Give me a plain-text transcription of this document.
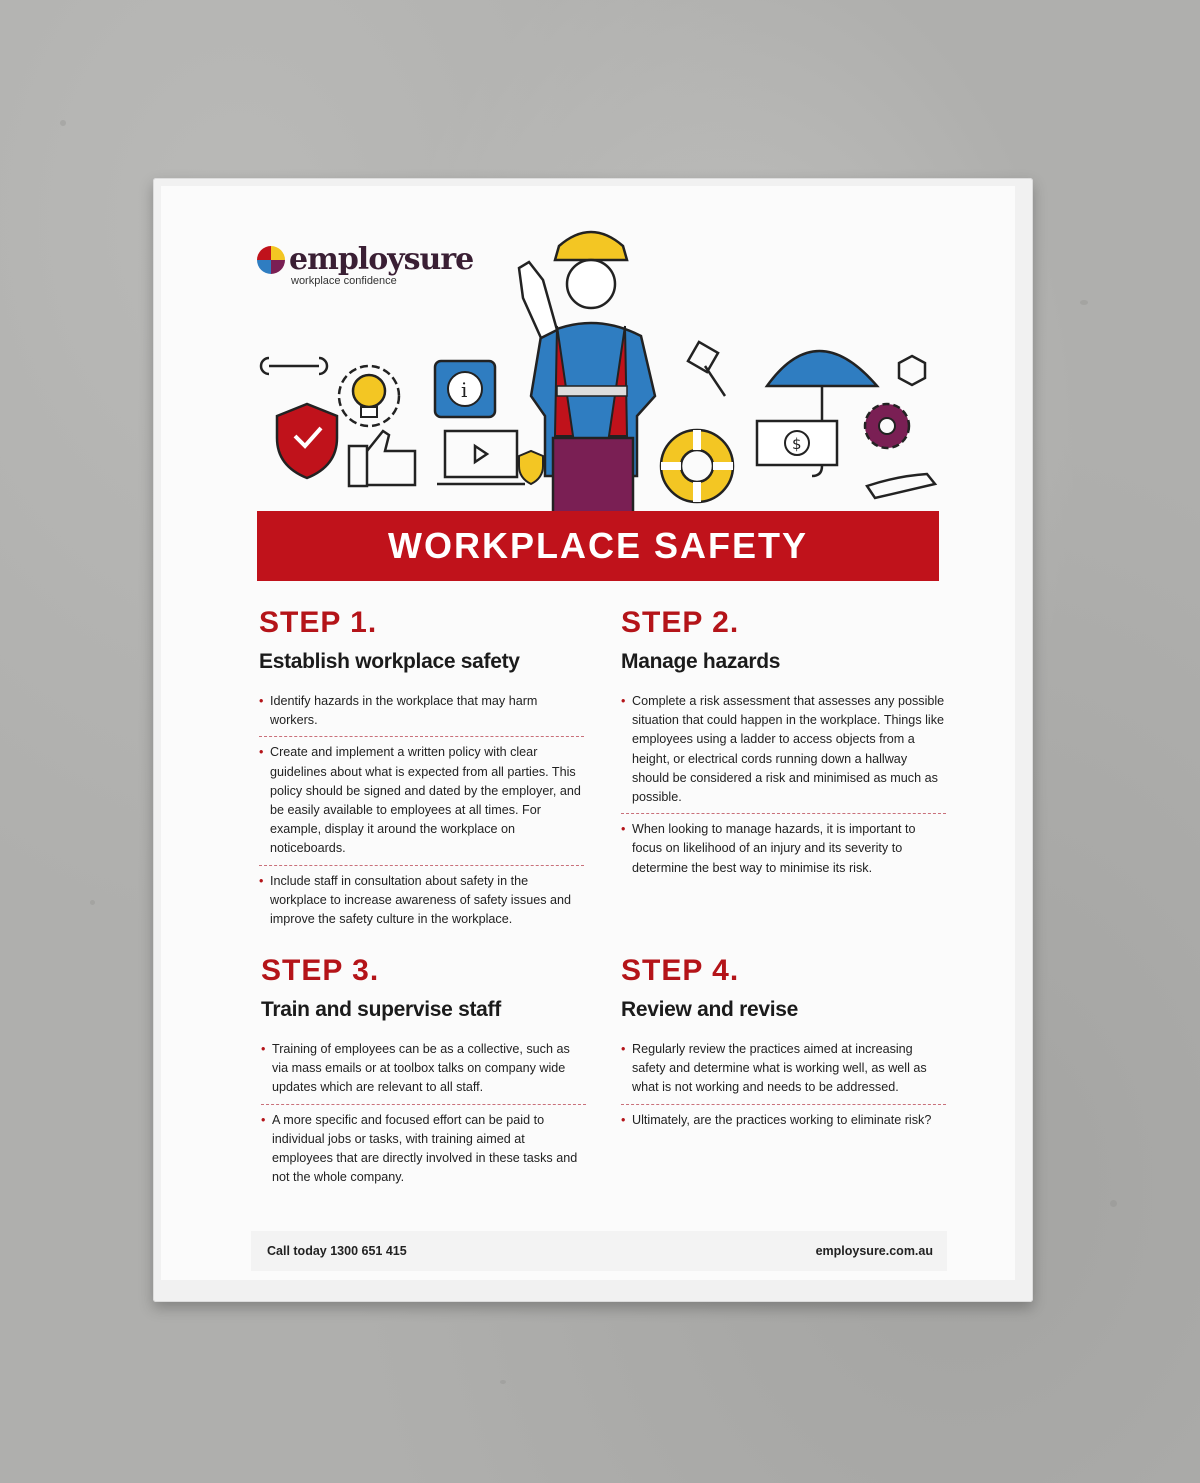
i
$
employsure
workplace confidence
WORKPLACE SAFETY
STEP 1.
Establish workplace safety
• Identify hazards in the workplace that may harm workers.
• Create and implement a written policy with clear guidelines about what is expected from all parties. This policy should be signed and dated by the employer, and be easily available to employees at all times. For example, display it around the workplace on noticeboards.
• Include staff in consultation about safety in the workplace to increase awareness of safety issues and improve the safety culture in the workplace.
STEP 2.
Manage hazards
• Complete a risk assessment that assesses any possible situation that could happen in the workplace. Things like employees using a ladder to access objects from a height, or electrical cords running down a hallway should be considered a risk and minimised as much as possible.
• When looking to manage hazards, it is important to focus on likelihood of an injury and its severity to determine the best way to minimise its risk.
STEP 3.
Train and supervise staff
• Training of employees can be as a collective, such as via mass emails or at toolbox talks on company wide updates which are relevant to all staff.
• A more specific and focused effort can be paid to individual jobs or tasks, with training aimed at employees that are directly involved in these tasks and not the whole company.
STEP 4.
Review and revise
• Regularly review the practices aimed at increasing safety and determine what is working well, as well as what is not working and needs to be addressed.
• Ultimately, are the practices working to eliminate risk?
Call today 1300 651 415	employsure.com.au
